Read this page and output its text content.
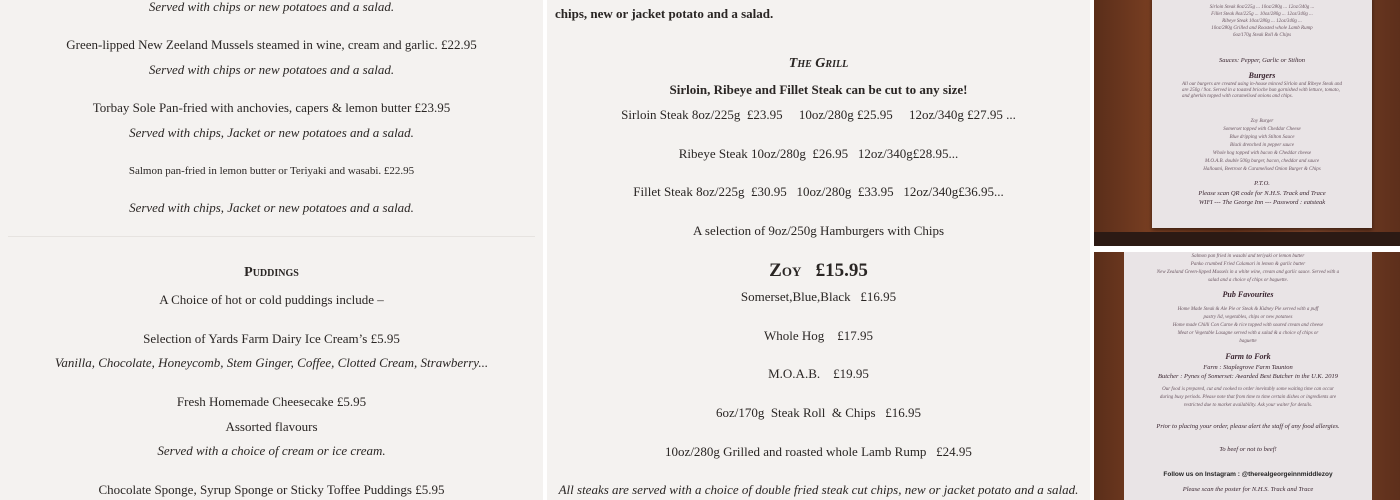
Served with chips or new potatoes and a salad.
Green-lipped New Zeeland Mussels steamed in wine, cream and garlic. £22.95
Served with chips or new potatoes and a salad.
Torbay Sole Pan-fried with anchovies, capers & lemon butter £23.95
Served with chips, Jacket or new potatoes and a salad.
Salmon pan-fried in lemon butter or Teriyaki and wasabi. £22.95
Served with chips, Jacket or new potatoes and a salad.
Puddings
A Choice of hot or cold puddings include –
Selection of Yards Farm Dairy Ice Cream’s £5.95
Vanilla, Chocolate, Honeycomb, Stem Ginger, Coffee, Clotted Cream, Strawberry...
Fresh Homemade Cheesecake £5.95
Assorted flavours
Served with a choice of cream or ice cream.
Chocolate Sponge, Syrup Sponge or Sticky Toffee Puddings £5.95
chips, new or jacket potato and a salad.
The Grill
Sirloin, Ribeye and Fillet Steak can be cut to any size!
Sirloin Steak 8oz/225g  £23.95     10oz/280g £25.95     12oz/340g £27.95 ...
Ribeye Steak 10oz/280g  £26.95   12oz/340g£28.95...
Fillet Steak 8oz/225g  £30.95   10oz/280g  £33.95   12oz/340g£36.95...
A selection of 9oz/250g Hamburgers with Chips
Zoy   £15.95
Somerset,Blue,Black   £16.95
Whole Hog    £17.95
M.O.A.B.    £19.95
6oz/170g  Steak Roll  & Chips   £16.95
10oz/280g Grilled and roasted whole Lamb Rump   £24.95
All steaks are served with a choice of double fried steak cut chips, new or jacket potato and a salad.
Sirloin Steak 8oz/225g ... 10oz/280g ... 12oz/340g ...
Fillet Steak 8oz/225g ... 10oz/280g ... 12oz/340g ...
Ribeye Steak 10oz/280g ... 12oz/340g ...
10oz/280g Grilled and Roasted whole Lamb Rump
6oz/170g Steak Roll & Chips
Sauces: Pepper, Garlic or Stilton
Burgers
All our burgers are created using in-house minced Sirloin and Ribeye Steak and are 250g / 9oz. Served in a toasted brioche bun garnished with lettuce, tomato, and gherkin topped with caramelised onions and chips.
Zoy Burger
Somerset topped with Cheddar Cheese
Blue dripping with Stilton Sauce
Black drenched in pepper sauce
Whole hog topped with bacon & Cheddar cheese
M.O.A.B. double 500g burger, bacon, cheddar and sauce
Halloumi, Beetroot & Caramelised Onion Burger & Chips
P.T.O.
Please scan QR code for N.H.S. Track and Trace
WIFI --- The George Inn --- Password : eatsteak
Salmon pan fried in wasabi and teriyaki or lemon butter
Panko crumbed Fried Calamari in lemon & garlic butter
New Zealand Green-lipped Mussels in a white wine, cream and garlic sauce. Served with a
salad and a choice of chips or baguette.
Pub Favourites
Home Made Steak & Ale Pie or Steak & Kidney Pie served with a puff
pastry lid, vegetables, chips or new potatoes
Home made Chilli Con Carne & rice topped with soured cream and cheese
Meat or Vegetable Lasagne served with a salad & a choice of chips or
baguette
Farm to Fork
Farm : Staplegrove Farm Taunton
Butcher : Pynes of Somerset: Awarded Best Butcher in the U.K. 2019
Our food is prepared, cut and cooked to order inevitably some waiting time can occur
during busy periods. Please note that from time to time certain dishes or ingredients are
restricted due to market availability. Ask your waiter for details.
Prior to placing your order, please alert the staff of any food allergies.
To beef or not to beef!
Follow us on Instagram : @therealgeorgeinnmiddlezoy
Please scan the poster for N.H.S. Track and Trace
